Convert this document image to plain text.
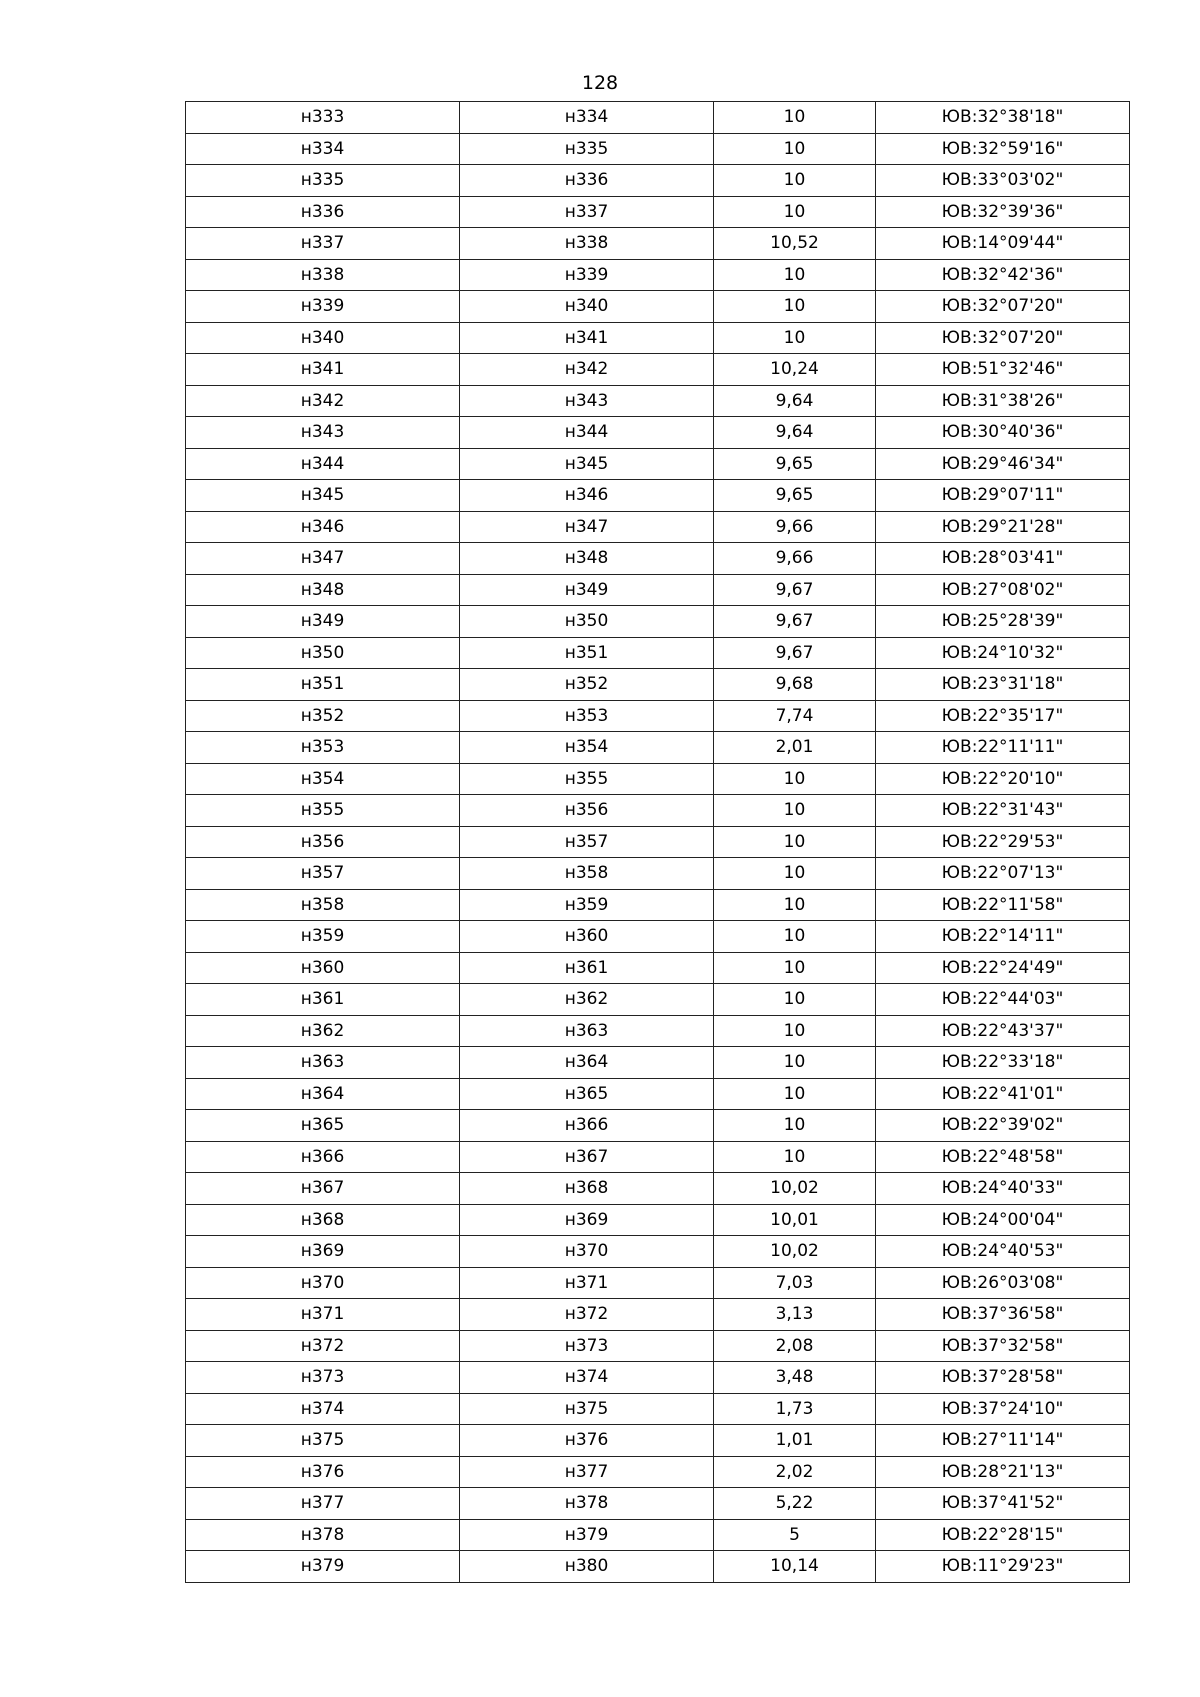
128
н333	н334	10	ЮВ:32°38'18"
н334	н335	10	ЮВ:32°59'16"
н335	н336	10	ЮВ:33°03'02"
н336	н337	10	ЮВ:32°39'36"
н337	н338	10,52	ЮВ:14°09'44"
н338	н339	10	ЮВ:32°42'36"
н339	н340	10	ЮВ:32°07'20"
н340	н341	10	ЮВ:32°07'20"
н341	н342	10,24	ЮВ:51°32'46"
н342	н343	9,64	ЮВ:31°38'26"
н343	н344	9,64	ЮВ:30°40'36"
н344	н345	9,65	ЮВ:29°46'34"
н345	н346	9,65	ЮВ:29°07'11"
н346	н347	9,66	ЮВ:29°21'28"
н347	н348	9,66	ЮВ:28°03'41"
н348	н349	9,67	ЮВ:27°08'02"
н349	н350	9,67	ЮВ:25°28'39"
н350	н351	9,67	ЮВ:24°10'32"
н351	н352	9,68	ЮВ:23°31'18"
н352	н353	7,74	ЮВ:22°35'17"
н353	н354	2,01	ЮВ:22°11'11"
н354	н355	10	ЮВ:22°20'10"
н355	н356	10	ЮВ:22°31'43"
н356	н357	10	ЮВ:22°29'53"
н357	н358	10	ЮВ:22°07'13"
н358	н359	10	ЮВ:22°11'58"
н359	н360	10	ЮВ:22°14'11"
н360	н361	10	ЮВ:22°24'49"
н361	н362	10	ЮВ:22°44'03"
н362	н363	10	ЮВ:22°43'37"
н363	н364	10	ЮВ:22°33'18"
н364	н365	10	ЮВ:22°41'01"
н365	н366	10	ЮВ:22°39'02"
н366	н367	10	ЮВ:22°48'58"
н367	н368	10,02	ЮВ:24°40'33"
н368	н369	10,01	ЮВ:24°00'04"
н369	н370	10,02	ЮВ:24°40'53"
н370	н371	7,03	ЮВ:26°03'08"
н371	н372	3,13	ЮВ:37°36'58"
н372	н373	2,08	ЮВ:37°32'58"
н373	н374	3,48	ЮВ:37°28'58"
н374	н375	1,73	ЮВ:37°24'10"
н375	н376	1,01	ЮВ:27°11'14"
н376	н377	2,02	ЮВ:28°21'13"
н377	н378	5,22	ЮВ:37°41'52"
н378	н379	5	ЮВ:22°28'15"
н379	н380	10,14	ЮВ:11°29'23"
